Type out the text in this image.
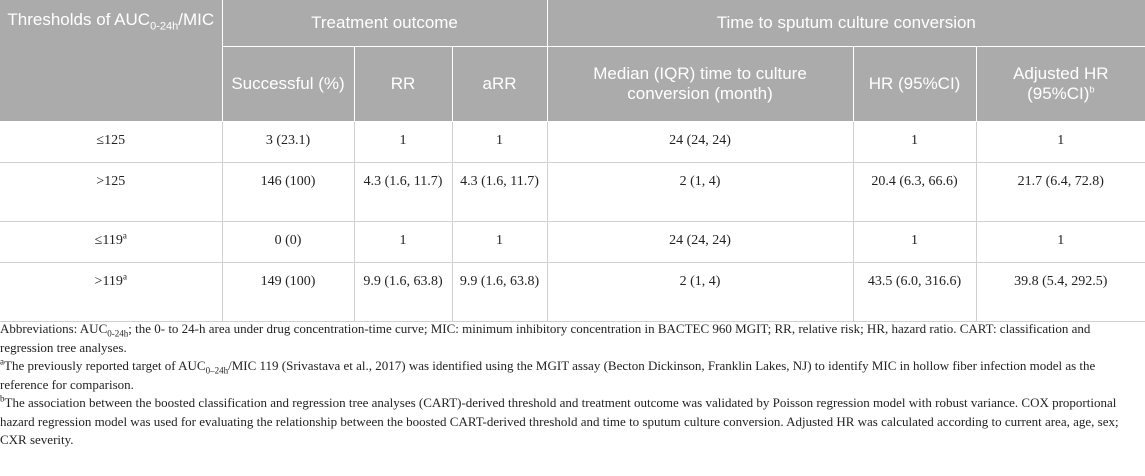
Thresholds of $AUC_{0-24h}$/MIC	Treatment outcome			Time to sputum culture conversion		
	Successful (%)	RR	aRR	Median (IQR) time to culture conversion (month)	HR (95%CI)	Adjusted HR $(95\%CI)^b$
≤125	3 (23.1)	1	1	24 (24, 24)	1	1
>125	146 (100)	4.3 (1.6, 11.7)	4.3 (1.6, 11.7)	2 (1, 4)	20.4 (6.3, 66.6)	21.7 (6.4, 72.8)
$\le 119^a$	0 (0)	1	1	24 (24, 24)	1	1
$>119^a$	149 (100)	9.9 (1.6, 63.8)	9.9 (1.6, 63.8)	2 (1, 4)	43.5 (6.0, 316.6)	39.8 (5.4, 292.5)

Abbreviations: $AUC_{0-24h}$; the 0- to 24-h area under drug concentration-time curve; MIC: minimum inhibitory concentration in BACTEC 960 MGIT; RR, relative risk; HR, hazard ratio. CART: classification and regression tree analyses.

$^a$The previously reported target of $AUC_{0-24h}$/MIC 119 (Srivastava et al., 2017) was identified using the MGIT assay (Becton Dickinson, Franklin Lakes, NJ) to identify MIC in hollow fiber infection model as the reference for comparison.

$^b$The association between the boosted classification and regression tree analyses (CART)-derived threshold and treatment outcome was validated by Poisson regression model with robust variance. COX proportional hazard regression model was used for evaluating the relationship between the boosted CART-derived threshold and time to sputum culture conversion. Adjusted HR was calculated according to current area, age, sex; CXR severity.
